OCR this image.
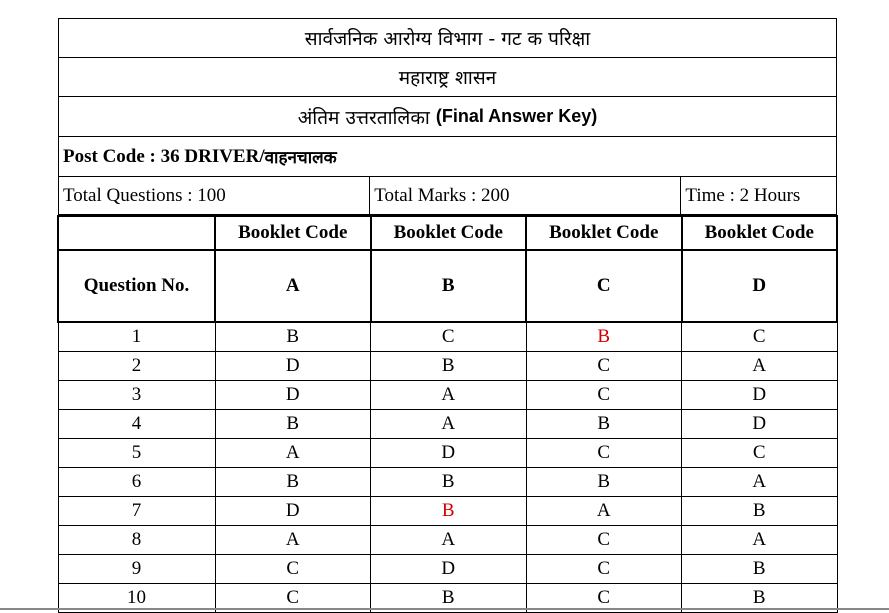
सार्वजनिक आरोग्य विभाग - गट क परिक्षा
महाराष्ट्र शासन
अंतिम उत्तरतालिका (Final Answer Key)
Post Code : 36 DRIVER/ वाहनचालक
Total Questions : 100	Total Marks : 200	Time : 2 Hours
	Booklet Code	Booklet Code	Booklet Code	Booklet Code
Question No.	A	B	C	D
1	B	C	B	C
2	D	B	C	A
3	D	A	C	D
4	B	A	B	D
5	A	D	C	C
6	B	B	B	A
7	D	B	A	B
8	A	A	C	A
9	C	D	C	B
10	C	B	C	B
